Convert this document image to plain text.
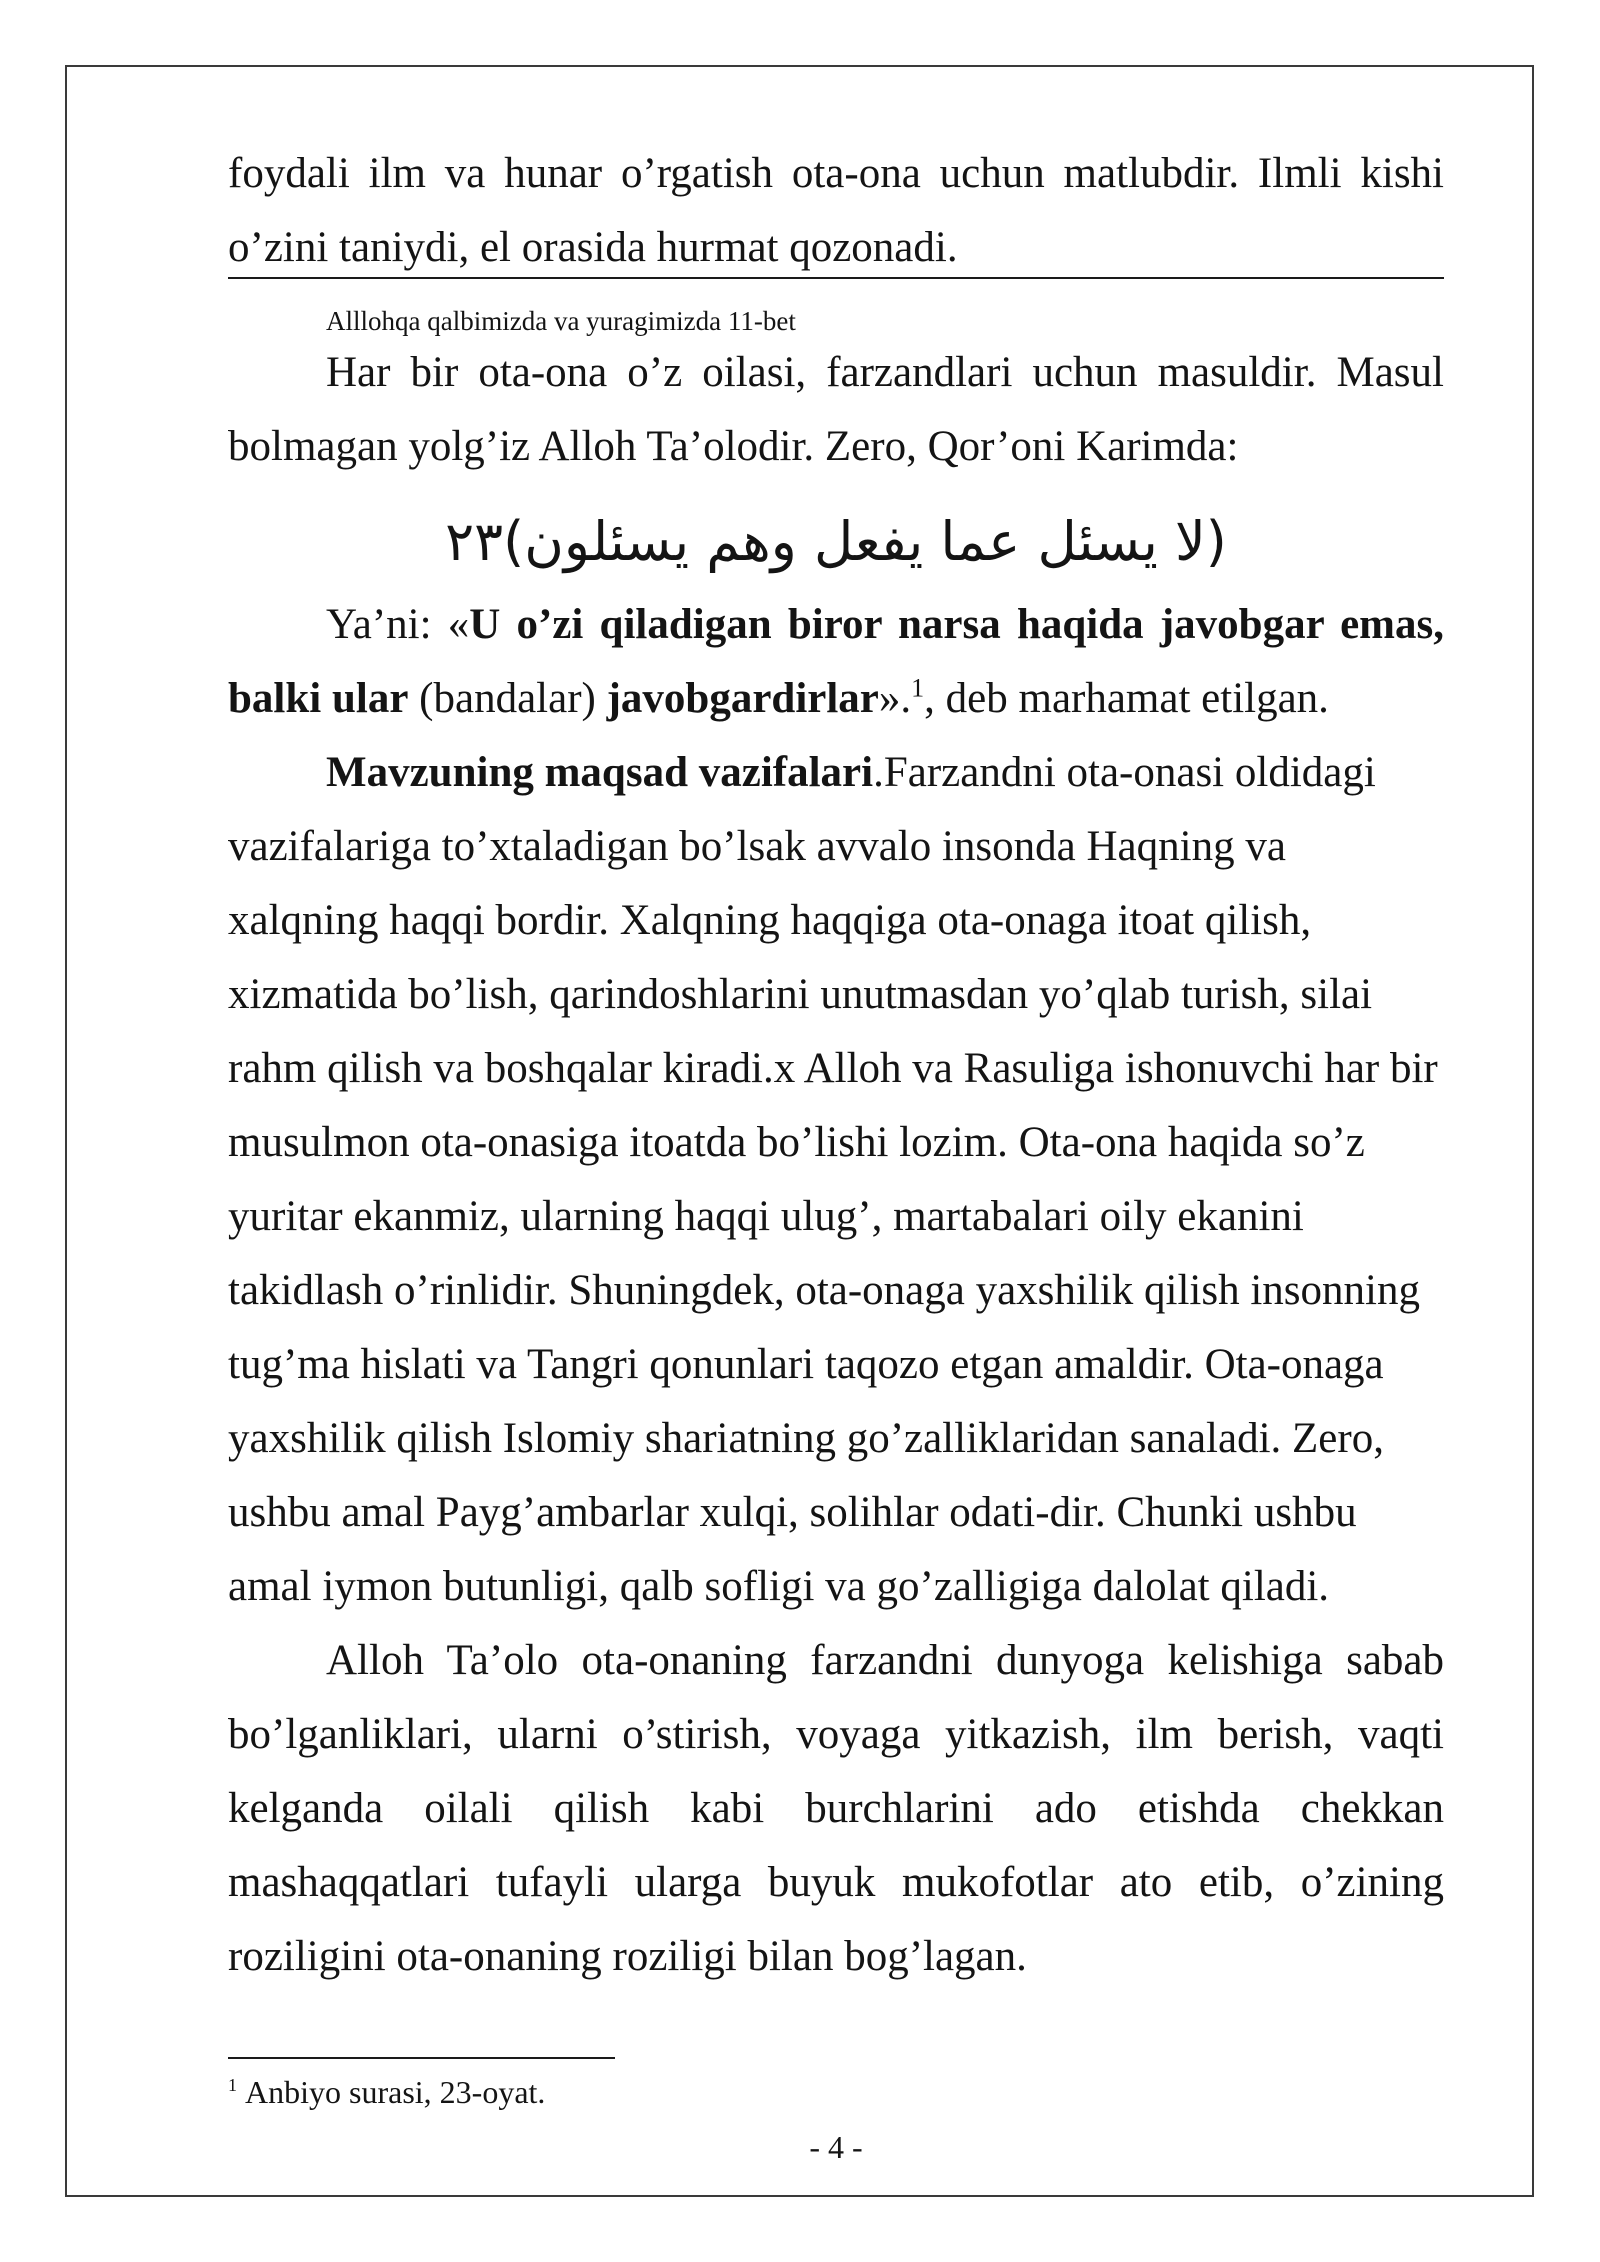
foydali ilm va hunar o’rgatish ota-ona uchun matlubdir. Ilmli kishi
o’zini taniydi, el orasida hurmat qozonadi.
Alllohqa qalbimizda va yuragimizda 11-bet
Har bir ota-ona o’z oilasi, farzandlari uchun masuldir. Masul
bolmagan yolg’iz Alloh Ta’olodir. Zero, Qor’oni Karimda:
(لا يسئل عما يفعل وهم يسئلون)٢٣
Ya’ni: «U o’zi qiladigan biror narsa haqida javobgar emas,
balki ular (bandalar) javobgardirlar».$^1$, deb marhamat etilgan.
Mavzuning maqsad vazifalari.Farzandni ota-onasi oldidagi
vazifalariga to’xtaladigan bo’lsak avvalo insonda Haqning va
xalqning haqqi bordir. Xalqning haqqiga ota-onaga itoat qilish,
xizmatida bo’lish, qarindoshlarini unutmasdan yo’qlab turish, silai
rahm qilish va boshqalar kiradi.x Alloh va Rasuliga ishonuvchi har bir
musulmon ota-onasiga itoatda bo’lishi lozim. Ota-ona haqida so’z
yuritar ekanmiz, ularning haqqi ulug’, martabalari oily ekanini
takidlash o’rinlidir. Shuningdek, ota-onaga yaxshilik qilish insonning
tug’ma hislati va Tangri qonunlari taqozo etgan amaldir. Ota-onaga
yaxshilik qilish Islomiy shariatning go’zalliklaridan sanaladi. Zero,
ushbu amal Payg’ambarlar xulqi, solihlar odati-dir. Chunki ushbu
amal iymon butunligi, qalb sofligi va go’zalligiga dalolat qiladi.
Alloh Ta’olo ota-onaning farzandni dunyoga kelishiga sabab
bo’lganliklari, ularni o’stirish, voyaga yitkazish, ilm berish, vaqti
kelganda oilali qilish kabi burchlarini ado etishda chekkan
mashaqqatlari tufayli ularga buyuk mukofotlar ato etib, o’zining
roziligini ota-onaning roziligi bilan bog’lagan.
$^1$ Anbiyo surasi, 23-oyat.
- 4 -
